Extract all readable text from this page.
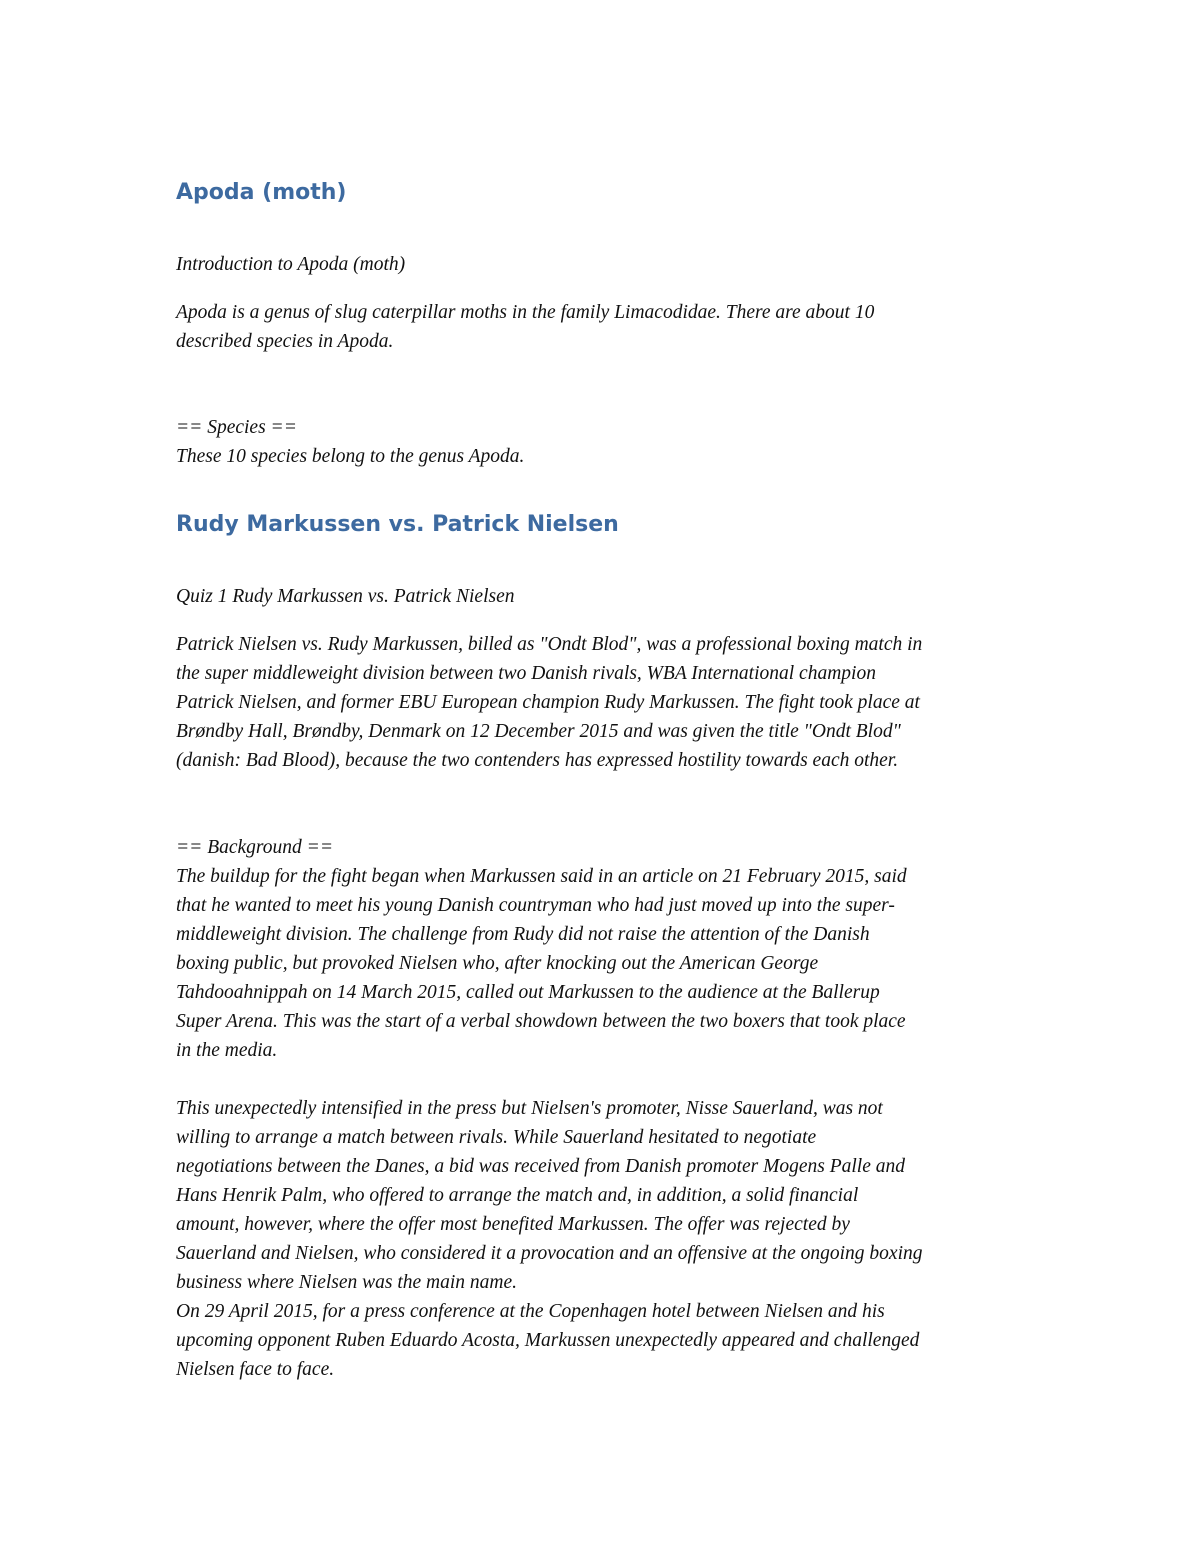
Apoda (moth)

Introduction to Apoda (moth)

Apoda is a genus of slug caterpillar moths in the family Limacodidae. There are about 10
described species in Apoda.

== Species ==
These 10 species belong to the genus Apoda.

Rudy Markussen vs. Patrick Nielsen

Quiz 1 Rudy Markussen vs. Patrick Nielsen

Patrick Nielsen vs. Rudy Markussen, billed as "Ondt Blod", was a professional boxing match in
the super middleweight division between two Danish rivals, WBA International champion
Patrick Nielsen, and former EBU European champion Rudy Markussen. The fight took place at
Brøndby Hall, Brøndby, Denmark on 12 December 2015 and was given the title "Ondt Blod"
(danish: Bad Blood), because the two contenders has expressed hostility towards each other.

== Background ==
The buildup for the fight began when Markussen said in an article on 21 February 2015, said
that he wanted to meet his young Danish countryman who had just moved up into the super-
middleweight division. The challenge from Rudy did not raise the attention of the Danish
boxing public, but provoked Nielsen who, after knocking out the American George
Tahdooahnippah on 14 March 2015, called out Markussen to the audience at the Ballerup
Super Arena. This was the start of a verbal showdown between the two boxers that took place
in the media.

This unexpectedly intensified in the press but Nielsen's promoter, Nisse Sauerland, was not
willing to arrange a match between rivals. While Sauerland hesitated to negotiate
negotiations between the Danes, a bid was received from Danish promoter Mogens Palle and
Hans Henrik Palm, who offered to arrange the match and, in addition, a solid financial
amount, however, where the offer most benefited Markussen. The offer was rejected by
Sauerland and Nielsen, who considered it a provocation and an offensive at the ongoing boxing
business where Nielsen was the main name.
On 29 April 2015, for a press conference at the Copenhagen hotel between Nielsen and his
upcoming opponent Ruben Eduardo Acosta, Markussen unexpectedly appeared and challenged
Nielsen face to face.
